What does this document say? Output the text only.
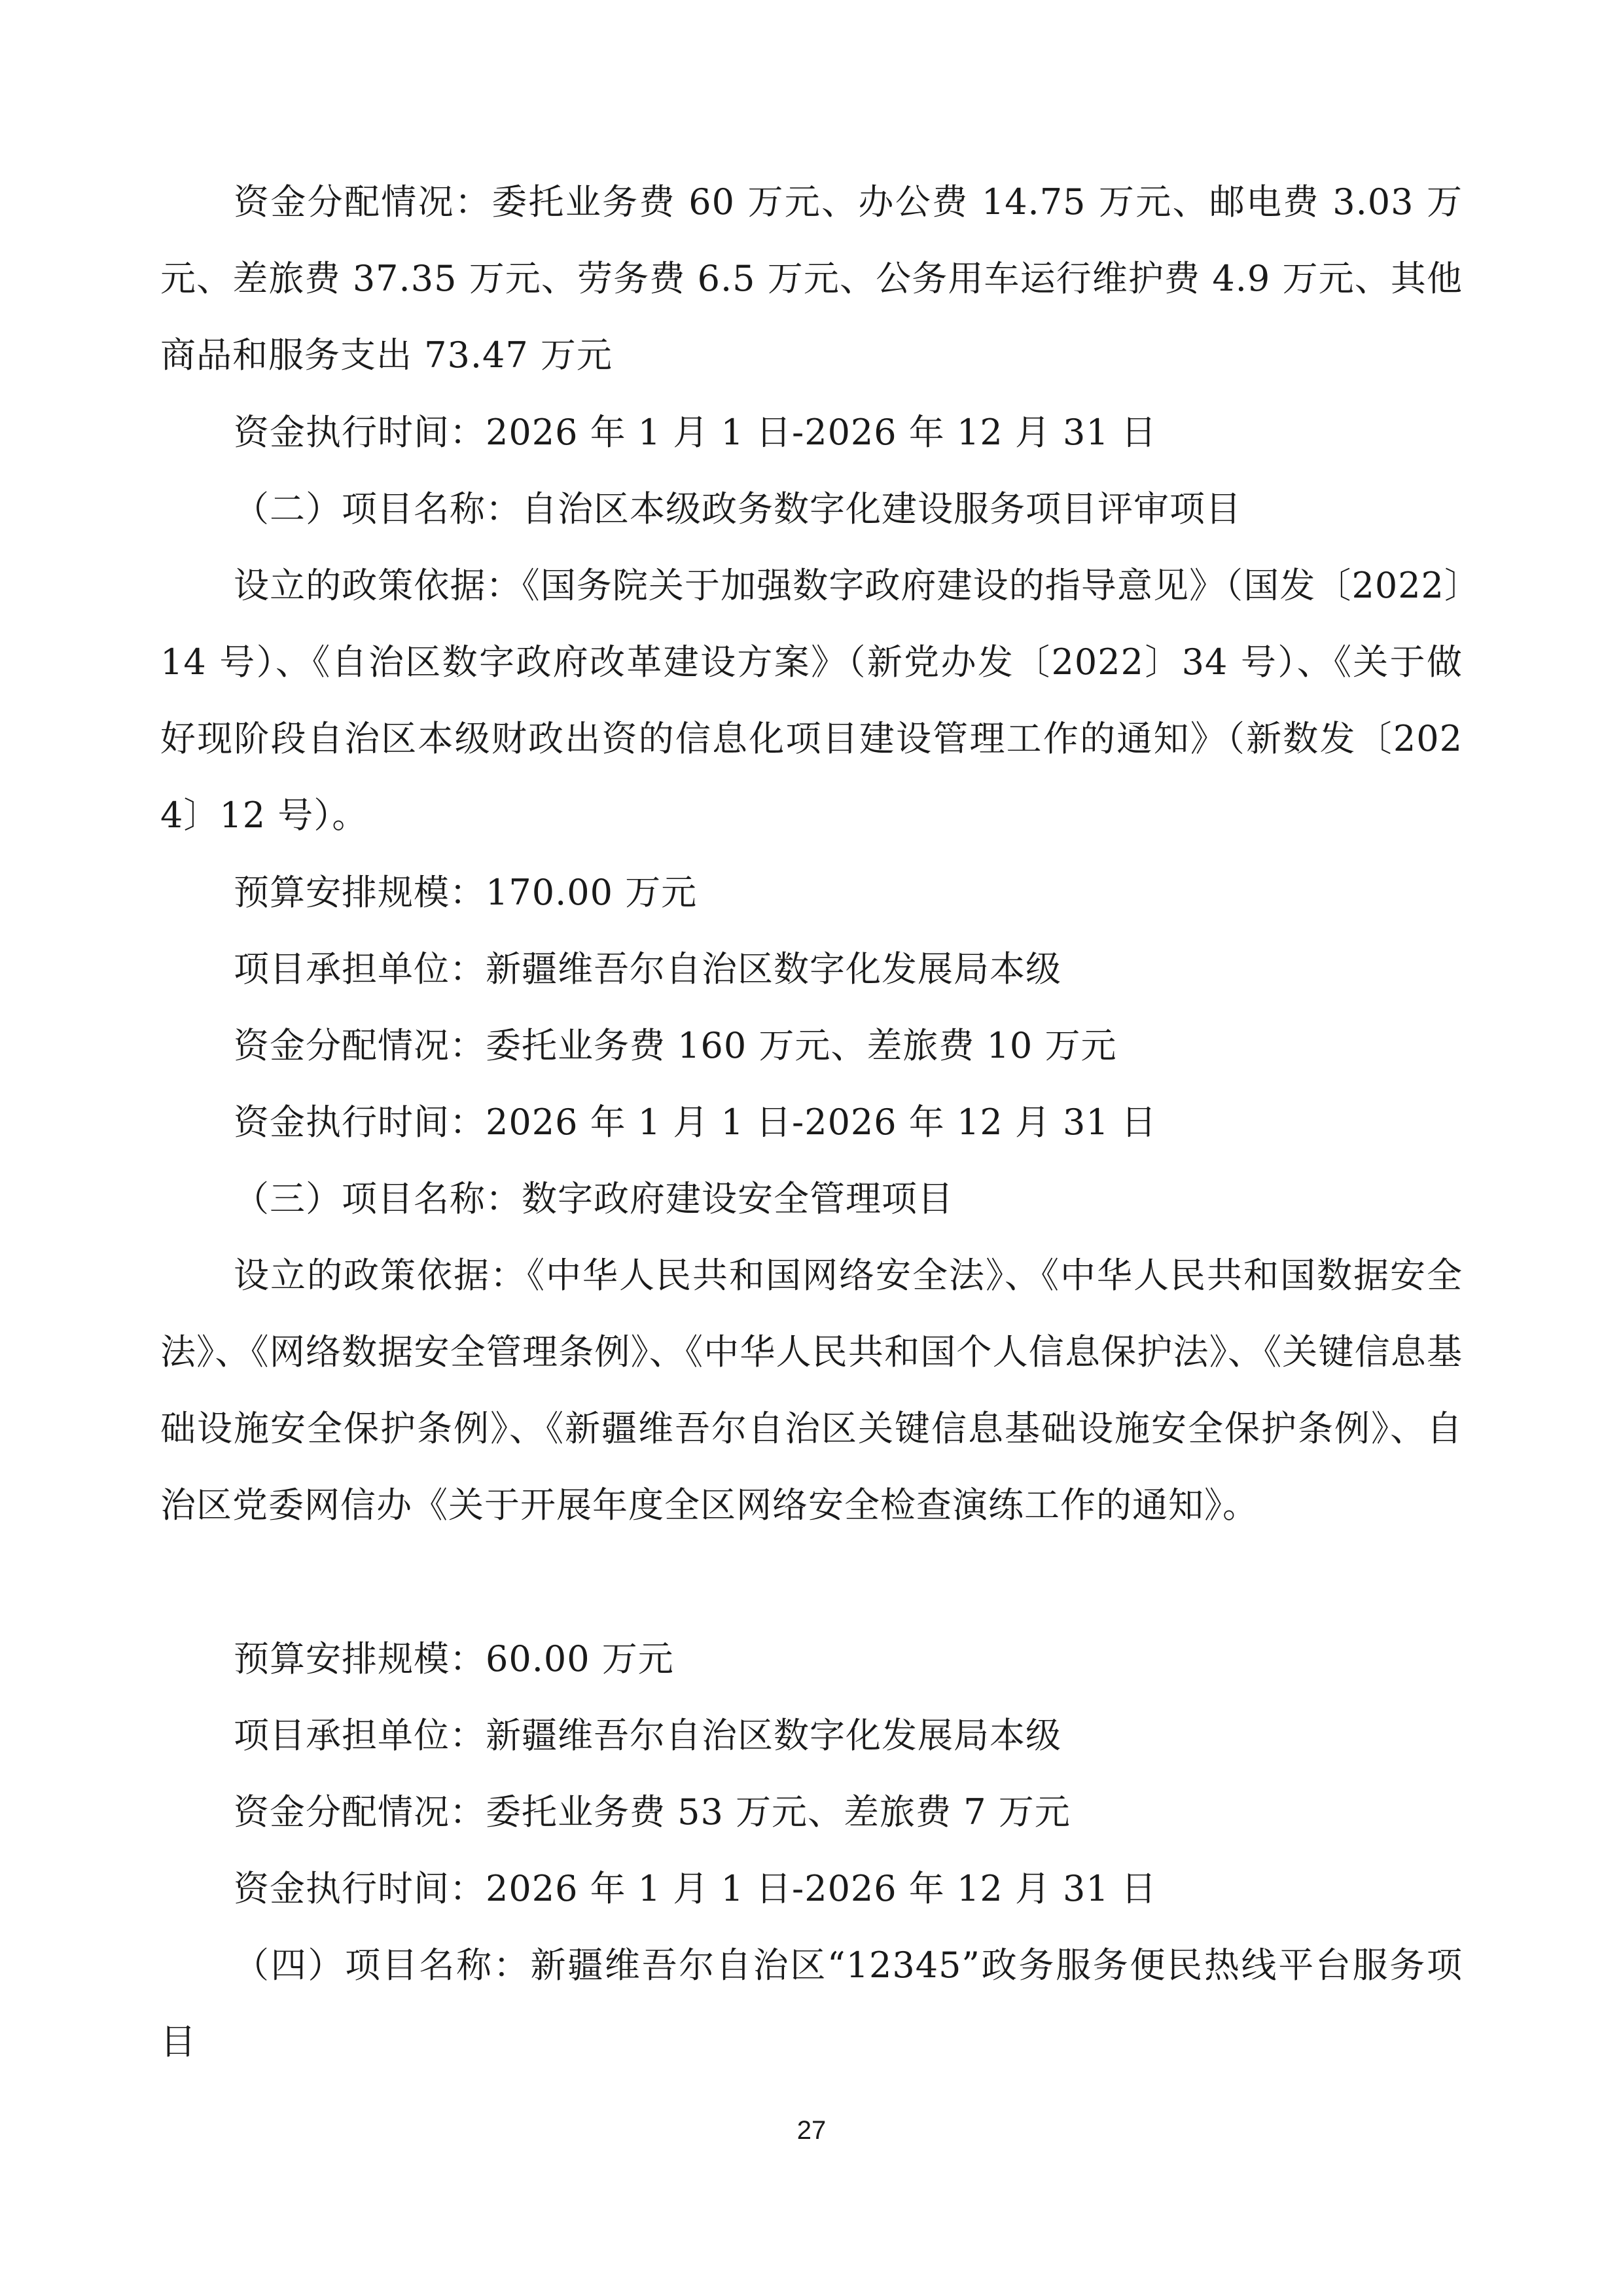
资金分配情况：委托业务费 60 万元、办公费 14.75 万元、邮电费 3.03 万元、差旅费 37.35 万元、劳务费 6.5 万元、公务用车运行维护费 4.9 万元、其他商品和服务支出 73.47 万元

资金执行时间：2026 年 1 月 1 日-2026 年 12 月 31 日

（二）项目名称：自治区本级政务数字化建设服务项目评审项目

设立的政策依据：《国务院关于加强数字政府建设的指导意见》（国发〔2022〕14 号）、《自治区数字政府改革建设方案》（新党办发〔2022〕34 号）、《关于做好现阶段自治区本级财政出资的信息化项目建设管理工作的通知》（新数发〔2024〕12 号）。

预算安排规模：170.00 万元

项目承担单位：新疆维吾尔自治区数字化发展局本级

资金分配情况：委托业务费 160 万元、差旅费 10 万元

资金执行时间：2026 年 1 月 1 日-2026 年 12 月 31 日

（三）项目名称：数字政府建设安全管理项目

设立的政策依据：《中华人民共和国网络安全法》、《中华人民共和国数据安全法》、《网络数据安全管理条例》、《中华人民共和国个人信息保护法》、《关键信息基础设施安全保护条例》、《新疆维吾尔自治区关键信息基础设施安全保护条例》、自治区党委网信办《关于开展年度全区网络安全检查演练工作的通知》。

预算安排规模：60.00 万元

项目承担单位：新疆维吾尔自治区数字化发展局本级

资金分配情况：委托业务费 53 万元、差旅费 7 万元

资金执行时间：2026 年 1 月 1 日-2026 年 12 月 31 日

（四）项目名称：新疆维吾尔自治区“12345”政务服务便民热线平台服务项目

27
